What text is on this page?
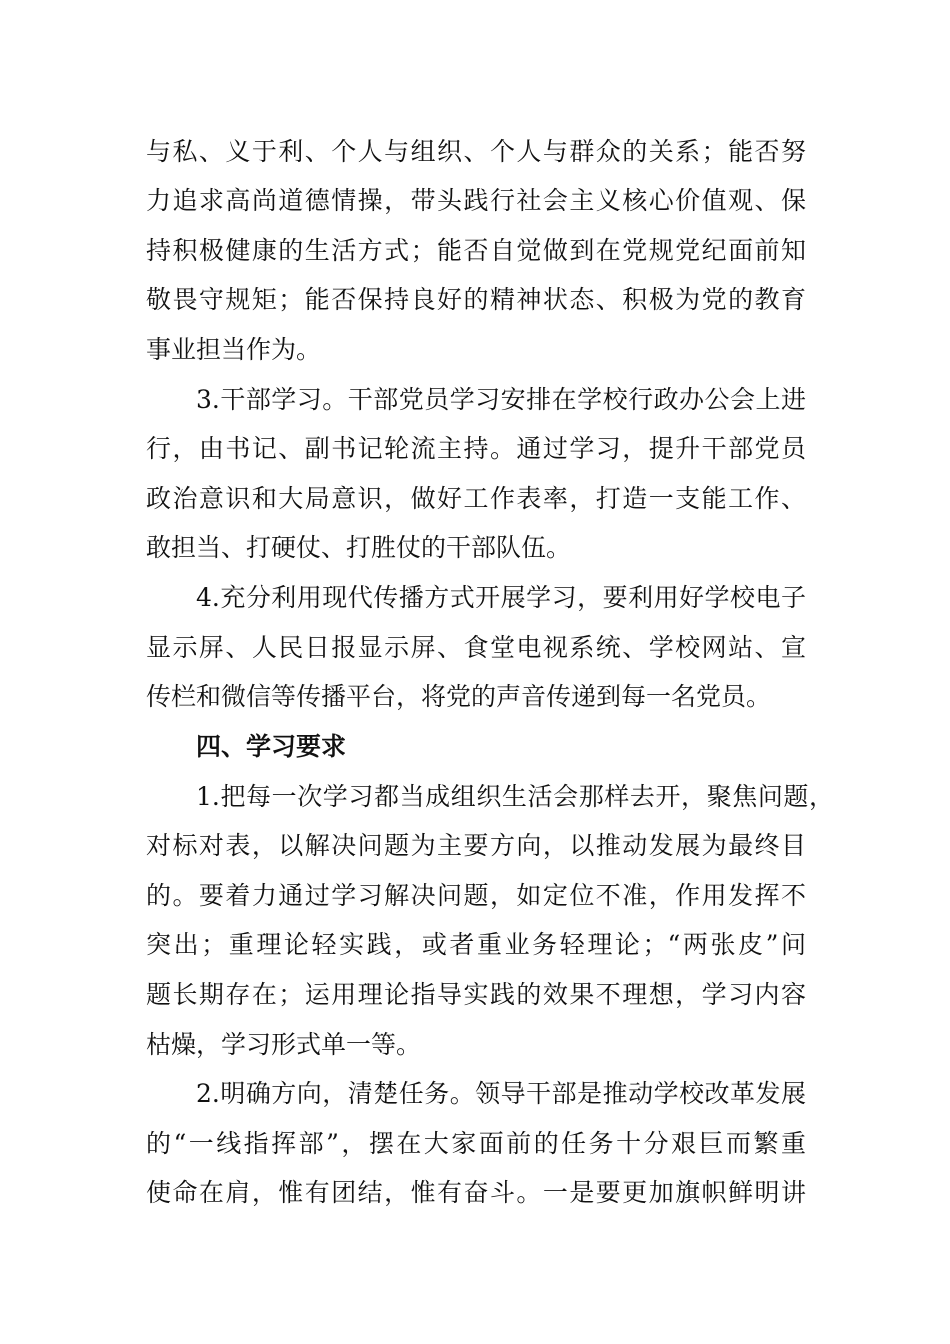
与私、义于利、个人与组织、个人与群众的关系；能否努
力追求高尚道德情操，带头践行社会主义核心价值观、保
持积极健康的生活方式；能否自觉做到在党规党纪面前知
敬畏守规矩；能否保持良好的精神状态、积极为党的教育
事业担当作为。
3.干部学习。干部党员学习安排在学校行政办公会上进
行，由书记、副书记轮流主持。通过学习，提升干部党员
政治意识和大局意识，做好工作表率，打造一支能工作、
敢担当、打硬仗、打胜仗的干部队伍。
4.充分利用现代传播方式开展学习，要利用好学校电子
显示屏、人民日报显示屏、食堂电视系统、学校网站、宣
传栏和微信等传播平台，将党的声音传递到每一名党员。
四、学习要求
1.把每一次学习都当成组织生活会那样去开，聚焦问题，
对标对表，以解决问题为主要方向，以推动发展为最终目
的。要着力通过学习解决问题，如定位不准，作用发挥不
突出；重理论轻实践，或者重业务轻理论；“两张皮”问
题长期存在；运用理论指导实践的效果不理想，学习内容
枯燥，学习形式单一等。
2.明确方向，清楚任务。领导干部是推动学校改革发展
的“一线指挥部”，摆在大家面前的任务十分艰巨而繁重
使命在肩，惟有团结，惟有奋斗。一是要更加旗帜鲜明讲
